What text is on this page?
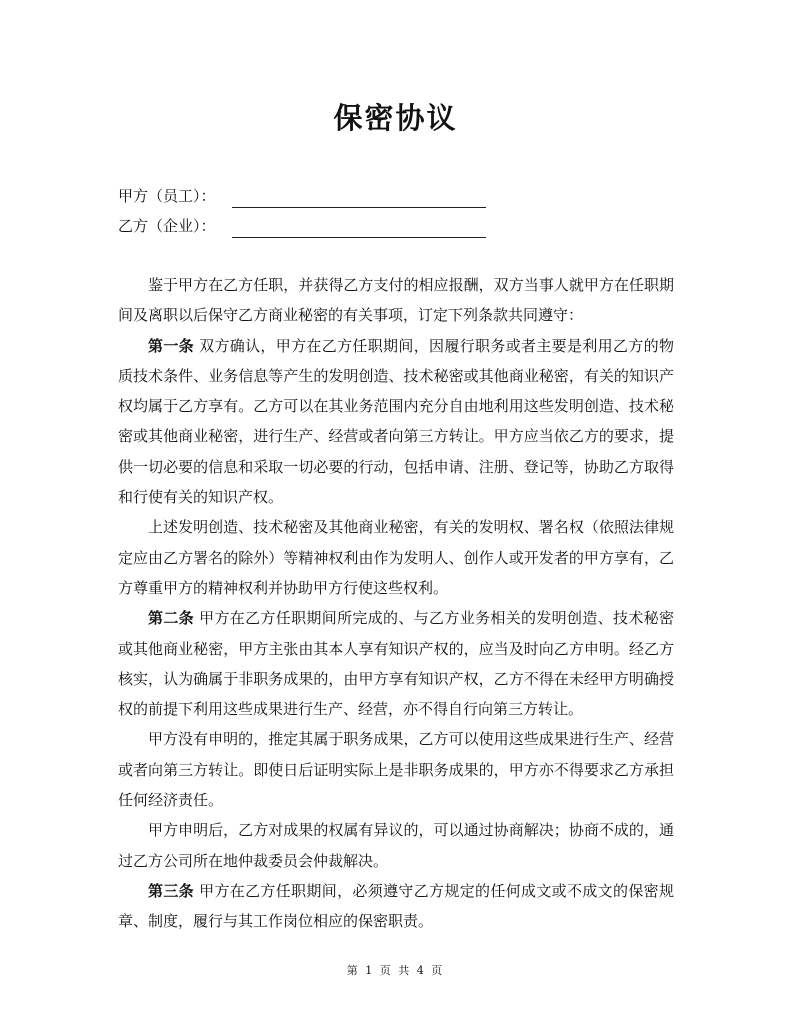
保密协议
甲方（员工）：
乙方（企业）：

鉴于甲方在乙方任职，并获得乙方支付的相应报酬，双方当事人就甲方在任职期间及离职以后保守乙方商业秘密的有关事项，订定下列条款共同遵守：

第一条 双方确认，甲方在乙方任职期间，因履行职务或者主要是利用乙方的物质技术条件、业务信息等产生的发明创造、技术秘密或其他商业秘密，有关的知识产权均属于乙方享有。乙方可以在其业务范围内充分自由地利用这些发明创造、技术秘密或其他商业秘密，进行生产、经营或者向第三方转让。甲方应当依乙方的要求，提供一切必要的信息和采取一切必要的行动，包括申请、注册、登记等，协助乙方取得和行使有关的知识产权。

上述发明创造、技术秘密及其他商业秘密，有关的发明权、署名权（依照法律规定应由乙方署名的除外）等精神权利由作为发明人、创作人或开发者的甲方享有，乙方尊重甲方的精神权利并协助甲方行使这些权利。

第二条 甲方在乙方任职期间所完成的、与乙方业务相关的发明创造、技术秘密或其他商业秘密，甲方主张由其本人享有知识产权的，应当及时向乙方申明。经乙方核实，认为确属于非职务成果的，由甲方享有知识产权，乙方不得在未经甲方明确授权的前提下利用这些成果进行生产、经营，亦不得自行向第三方转让。

甲方没有申明的，推定其属于职务成果，乙方可以使用这些成果进行生产、经营或者向第三方转让。即使日后证明实际上是非职务成果的，甲方亦不得要求乙方承担任何经济责任。

甲方申明后，乙方对成果的权属有异议的，可以通过协商解决；协商不成的，通过乙方公司所在地仲裁委员会仲裁解决。

第三条 甲方在乙方任职期间，必须遵守乙方规定的任何成文或不成文的保密规章、制度，履行与其工作岗位相应的保密职责。

第 1 页 共 4 页
